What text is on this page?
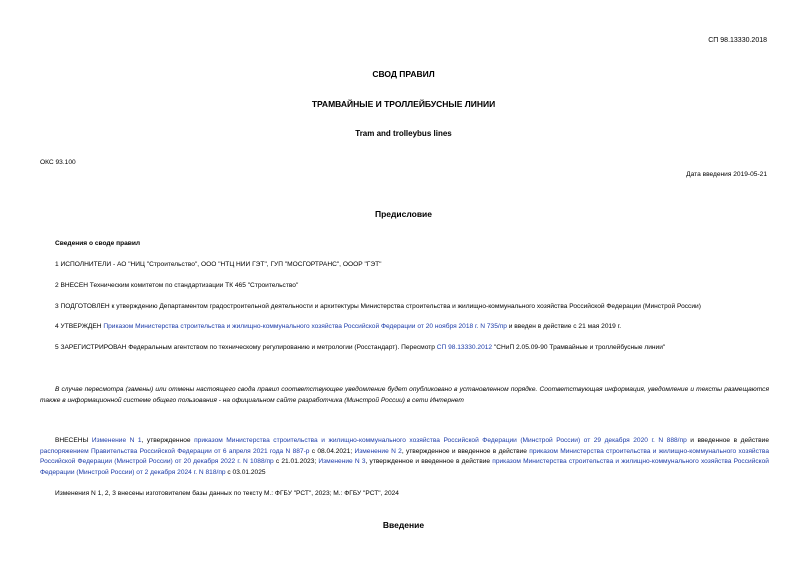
СП 98.13330.2018
СВОД ПРАВИЛ
ТРАМВАЙНЫЕ И ТРОЛЛЕЙБУСНЫЕ ЛИНИИ
Tram and trolleybus lines
ОКС 93.100
Дата введения 2019-05-21
Предисловие
Сведения о своде правил
1 ИСПОЛНИТЕЛИ - АО "НИЦ "Строительство", ООО "НТЦ НИИ ГЭТ", ГУП "МОСГОРТРАНС", ОООР "ГЭТ"
2 ВНЕСЕН Техническим комитетом по стандартизации ТК 465 "Строительство"
3 ПОДГОТОВЛЕН к утверждению Департаментом градостроительной деятельности и архитектуры Министерства строительства и жилищно-коммунального хозяйства Российской Федерации (Минстрой России)
4 УТВЕРЖДЕН Приказом Министерства строительства и жилищно-коммунального хозяйства Российской Федерации от 20 ноября 2018 г. N 735/пр и введен в действие с 21 мая 2019 г.
5 ЗАРЕГИСТРИРОВАН Федеральным агентством по техническому регулированию и метрологии (Росстандарт). Пересмотр СП 98.13330.2012 "СНиП 2.05.09-90 Трамвайные и троллейбусные линии"
В случае пересмотра (замены) или отмены настоящего свода правил соответствующее уведомление будет опубликовано в установленном порядке. Соответствующая информация, уведомление и тексты размещаются также в информационной системе общего пользования - на официальном сайте разработчика (Минстрой России) в сети Интернет
ВНЕСЕНЫ Изменение N 1, утвержденное приказом Министерства строительства и жилищно-коммунального хозяйства Российской Федерации (Минстрой России) от 29 декабря 2020 г. N 888/пр и введенное в действие распоряжением Правительства Российской Федерации от 6 апреля 2021 года N 887-р с 08.04.2021; Изменение N 2, утвержденное и введенное в действие приказом Министерства строительства и жилищно-коммунального хозяйства Российской Федерации (Минстрой России) от 20 декабря 2022 г. N 1088/пр с 21.01.2023; Изменение N 3, утвержденное и введенное в действие приказом Министерства строительства и жилищно-коммунального хозяйства Российской Федерации (Минстрой России) от 2 декабря 2024 г. N 818/пр с 03.01.2025
Изменения N 1, 2, 3 внесены изготовителем базы данных по тексту М.: ФГБУ "РСТ", 2023; М.: ФГБУ "РСТ", 2024
Введение
